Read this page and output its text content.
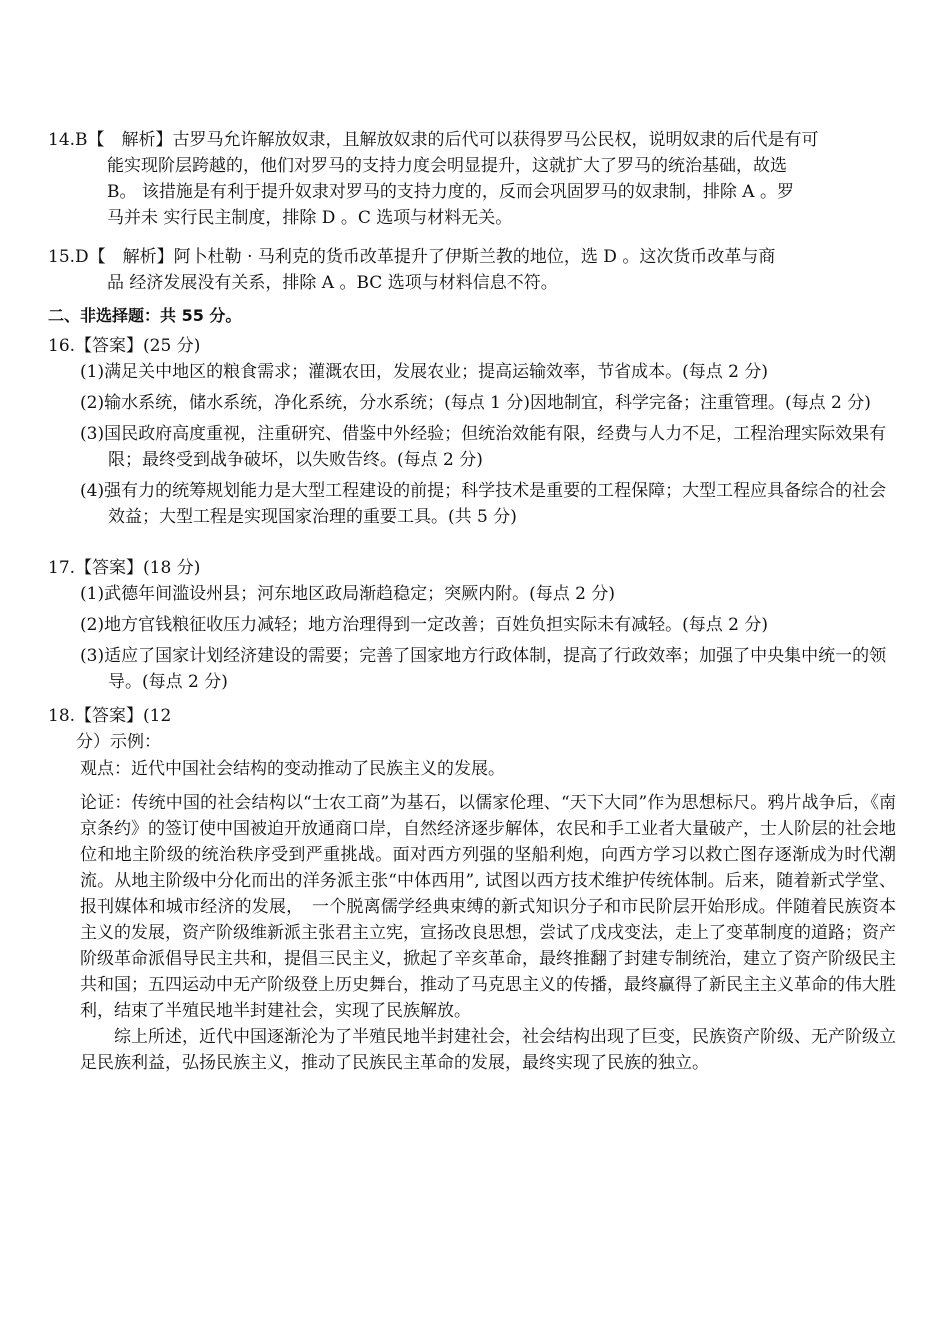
14.B【　解析】古罗马允许解放奴隶，且解放奴隶的后代可以获得罗马公民权，说明奴隶的后代是有可

能实现阶层跨越的，他们对罗马的支持力度会明显提升，这就扩大了罗马的统治基础，故选

B。 该措施是有利于提升奴隶对罗马的支持力度的，反而会巩固罗马的奴隶制，排除 A 。罗

马并未 实行民主制度，排除 D 。C 选项与材料无关。

15.D【　解析】阿卜杜勒 · 马利克的货币改革提升了伊斯兰教的地位，选 D 。这次货币改革与商

品 经济发展没有关系，排除 A 。BC 选项与材料信息不符。

二、非选择题：共 55 分。
16.【答案】(25 分)

(1)满足关中地区的粮食需求；灌溉农田，发展农业；提高运输效率，节省成本。(每点 2 分)

(2)输水系统，储水系统，净化系统，分水系统；(每点 1 分)因地制宜，科学完备；注重管理。(每点 2 分)

(3)国民政府高度重视，注重研究、借鉴中外经验；但统治效能有限，经费与人力不足，工程治理实际效果有限；最终受到战争破坏，以失败告终。(每点 2 分)

(4)强有力的统筹规划能力是大型工程建设的前提；科学技术是重要的工程保障；大型工程应具备综合的社会效益；大型工程是实现国家治理的重要工具。(共 5 分)

17.【答案】(18 分)

(1)武德年间滥设州县；河东地区政局渐趋稳定；突厥内附。(每点 2 分)

(2)地方官钱粮征收压力减轻；地方治理得到一定改善；百姓负担实际未有减轻。(每点 2 分)

(3)适应了国家计划经济建设的需要；完善了国家地方行政体制，提高了行政效率；加强了中央集中统一的领导。(每点 2 分)

18.【答案】(12

分）示例：

观点：近代中国社会结构的变动推动了民族主义的发展。

论证：传统中国的社会结构以“士农工商”为基石，以儒家伦理、“天下大同”作为思想标尺。鸦片战争后，《南京条约》的签订使中国被迫开放通商口岸，自然经济逐步解体，农民和手工业者大量破产，士人阶层的社会地位和地主阶级的统治秩序受到严重挑战。面对西方列强的坚船利炮，向西方学习以救亡图存逐渐成为时代潮流。从地主阶级中分化而出的洋务派主张“中体西用”, 试图以西方技术维护传统体制。后来，随着新式学堂、报刊媒体和城市经济的发展，　一个脱离儒学经典束缚的新式知识分子和市民阶层开始形成。伴随着民族资本主义的发展，资产阶级维新派主张君主立宪，宣扬改良思想，尝试了戊戌变法，走上了变革制度的道路；资产阶级革命派倡导民主共和，提倡三民主义，掀起了辛亥革命，最终推翻了封建专制统治，建立了资产阶级民主共和国；五四运动中无产阶级登上历史舞台，推动了马克思主义的传播，最终赢得了新民主主义革命的伟大胜利，结束了半殖民地半封建社会，实现了民族解放。

综上所述，近代中国逐渐沦为了半殖民地半封建社会，社会结构出现了巨变，民族资产阶级、无产阶级立足民族利益，弘扬民族主义，推动了民族民主革命的发展，最终实现了民族的独立。
